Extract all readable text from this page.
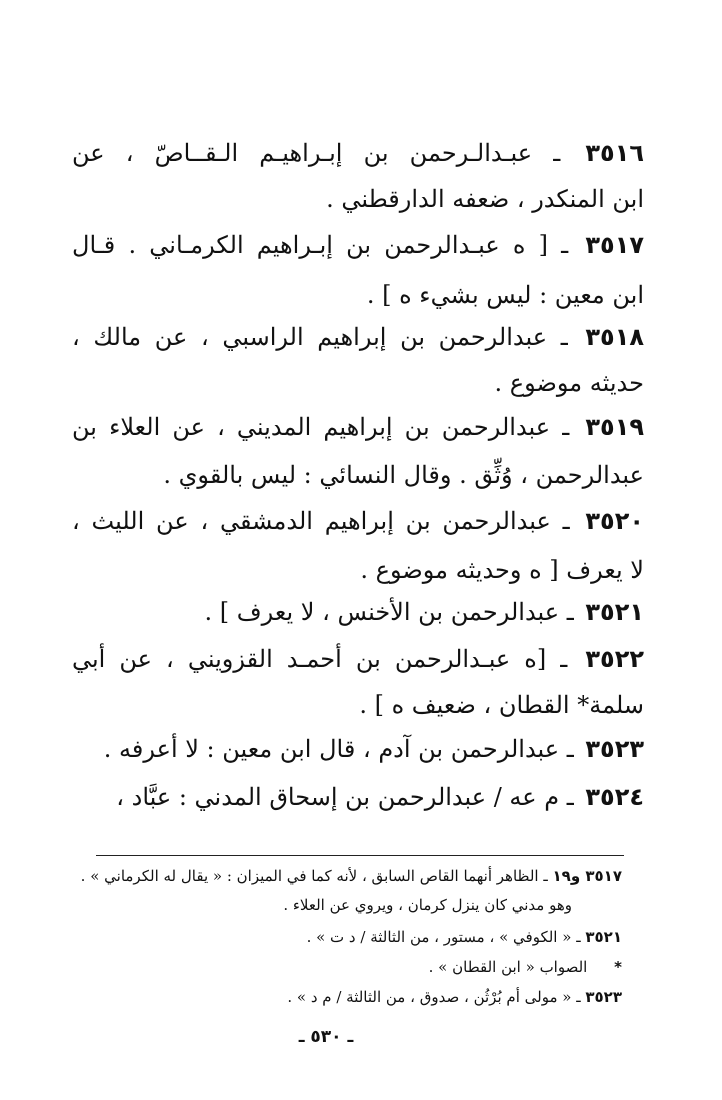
٣٥١٦ ـ عبـدالـرحمن بن إبـراهيـم الـقــاصّ ، عن
ابن المنكدر ، ضعفه الدارقطني .
٣٥١٧ ـ [ ه عبـدالرحمن بن إبـراهيم الكرمـاني . قـال
ابن معين : ليس بشيء ه ] .
٣٥١٨ ـ عبدالرحمن بن إبراهيم الراسبي ، عن مالك ،
حديثه موضوع .
٣٥١٩ ـ عبدالرحمن بن إبراهيم المديني ، عن العلاء بن
عبدالرحمن ، وُثِّق . وقال النسائي : ليس بالقوي .
٣٥٢٠ ـ عبدالرحمن بن إبراهيم الدمشقي ، عن الليث ،
لا يعرف [ ه وحديثه موضوع .
٣٥٢١ ـ عبدالرحمن بن الأخنس ، لا يعرف ] .
٣٥٢٢ ـ [ه عبـدالرحمن بن أحمـد القزويني ، عن أبي
سلمة* القطان ، ضعيف ه ] .
٣٥٢٣ ـ عبدالرحمن بن آدم ، قال ابن معين : لا أعرفه .
٣٥٢٤ ـ م عه / عبدالرحمن بن إسحاق المدني : عبَّاد ،
٣٥١٧ و١٩ ـ الظاهر أنهما القاص السابق ، لأنه كما في الميزان : « يقال له الكرماني » .
وهو مدني كان ينزل كرمان ، ويروي عن العلاء .
٣٥٢١ ـ « الكوفي » ، مستور ، من الثالثة / د ت » .
* الصواب « ابن القطان » .
٣٥٢٣ ـ « مولى أم بُرْثُن ، صدوق ، من الثالثة / م د » .
ـ ٥٣٠ ـ
